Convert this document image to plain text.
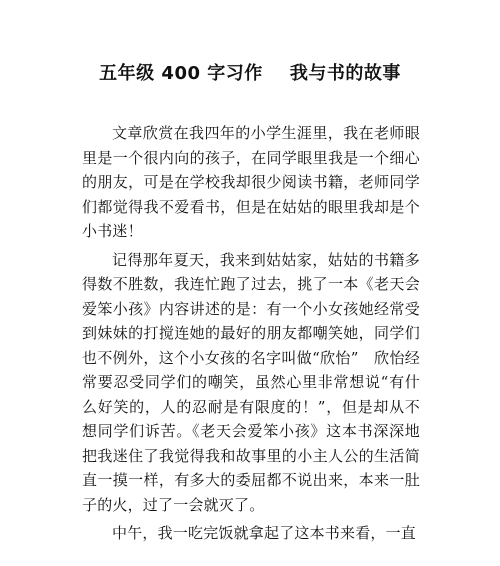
五年级 400 字习作    我与书的故事

文章欣赏在我四年的小学生涯里，我在老师眼里是一个很内向的孩子，在同学眼里我是一个细心的朋友，可是在学校我却很少阅读书籍，老师同学们都觉得我不爱看书，但是在姑姑的眼里我却是个小书迷！

记得那年夏天，我来到姑姑家，姑姑的书籍多得数不胜数，我连忙跑了过去，挑了一本《老天会爱笨小孩》内容讲述的是：有一个小女孩她经常受到妹妹的打搅连她的最好的朋友都嘲笑她，同学们也不例外，这个小女孩的名字叫做“欣怡”　欣怡经常要忍受同学们的嘲笑，虽然心里非常想说“有什么好笑的，人的忍耐是有限度的！”，但是却从不想同学们诉苦。《老天会爱笨小孩》这本书深深地把我迷住了我觉得我和故事里的小主人公的生活简直一摸一样，有多大的委屈都不说出来，本来一肚子的火，过了一会就灭了。

中午，我一吃完饭就拿起了这本书来看，一直
